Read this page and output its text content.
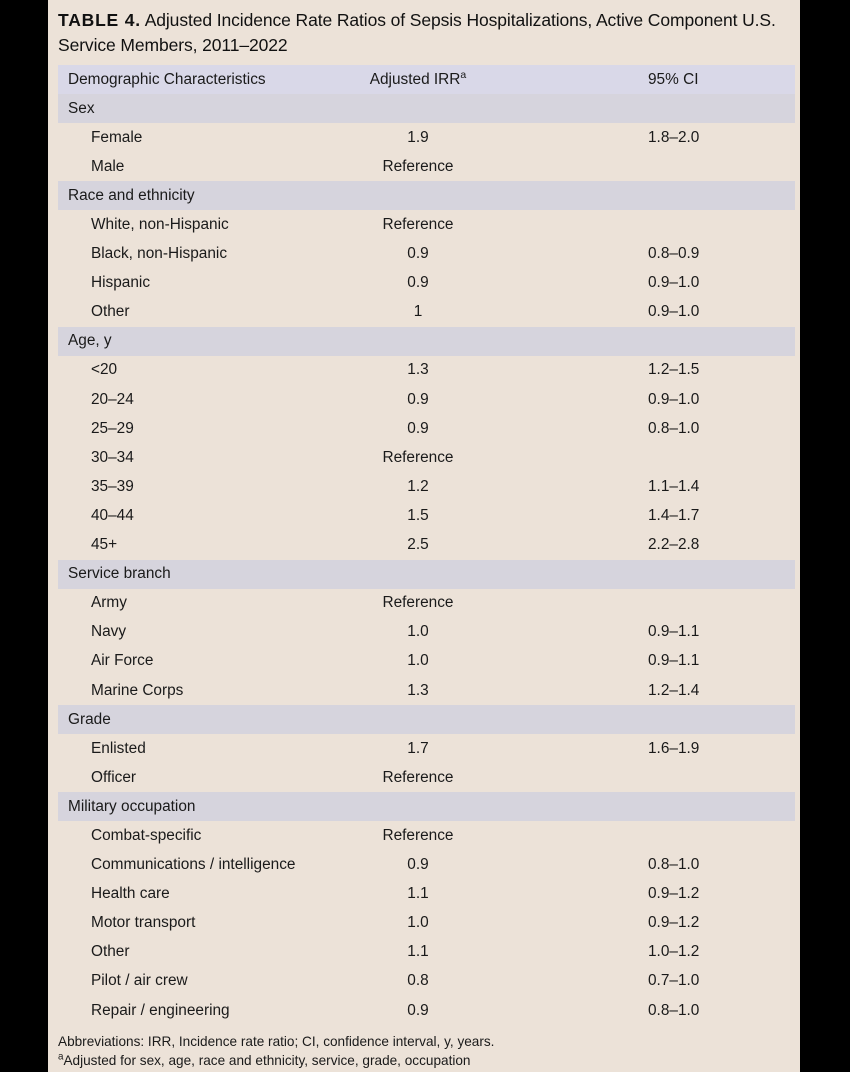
TABLE 4. Adjusted Incidence Rate Ratios of Sepsis Hospitalizations, Active Component U.S. Service Members, 2011–2022
Demographic Characteristics	Adjusted IRR$^a$	95% CI
Sex
Female	1.9	1.8–2.0
Male	Reference
Race and ethnicity
White, non-Hispanic	Reference
Black, non-Hispanic	0.9	0.8–0.9
Hispanic	0.9	0.9–1.0
Other	1	0.9–1.0
Age, y
<20	1.3	1.2–1.5
20–24	0.9	0.9–1.0
25–29	0.9	0.8–1.0
30–34	Reference
35–39	1.2	1.1–1.4
40–44	1.5	1.4–1.7
45+	2.5	2.2–2.8
Service branch
Army	Reference
Navy	1.0	0.9–1.1
Air Force	1.0	0.9–1.1
Marine Corps	1.3	1.2–1.4
Grade
Enlisted	1.7	1.6–1.9
Officer	Reference
Military occupation
Combat-specific	Reference
Communications / intelligence	0.9	0.8–1.0
Health care	1.1	0.9–1.2
Motor transport	1.0	0.9–1.2
Other	1.1	1.0–1.2
Pilot / air crew	0.8	0.7–1.0
Repair / engineering	0.9	0.8–1.0
Abbreviations: IRR, Incidence rate ratio; CI, confidence interval, y, years.
$^a$Adjusted for sex, age, race and ethnicity, service, grade, occupation
